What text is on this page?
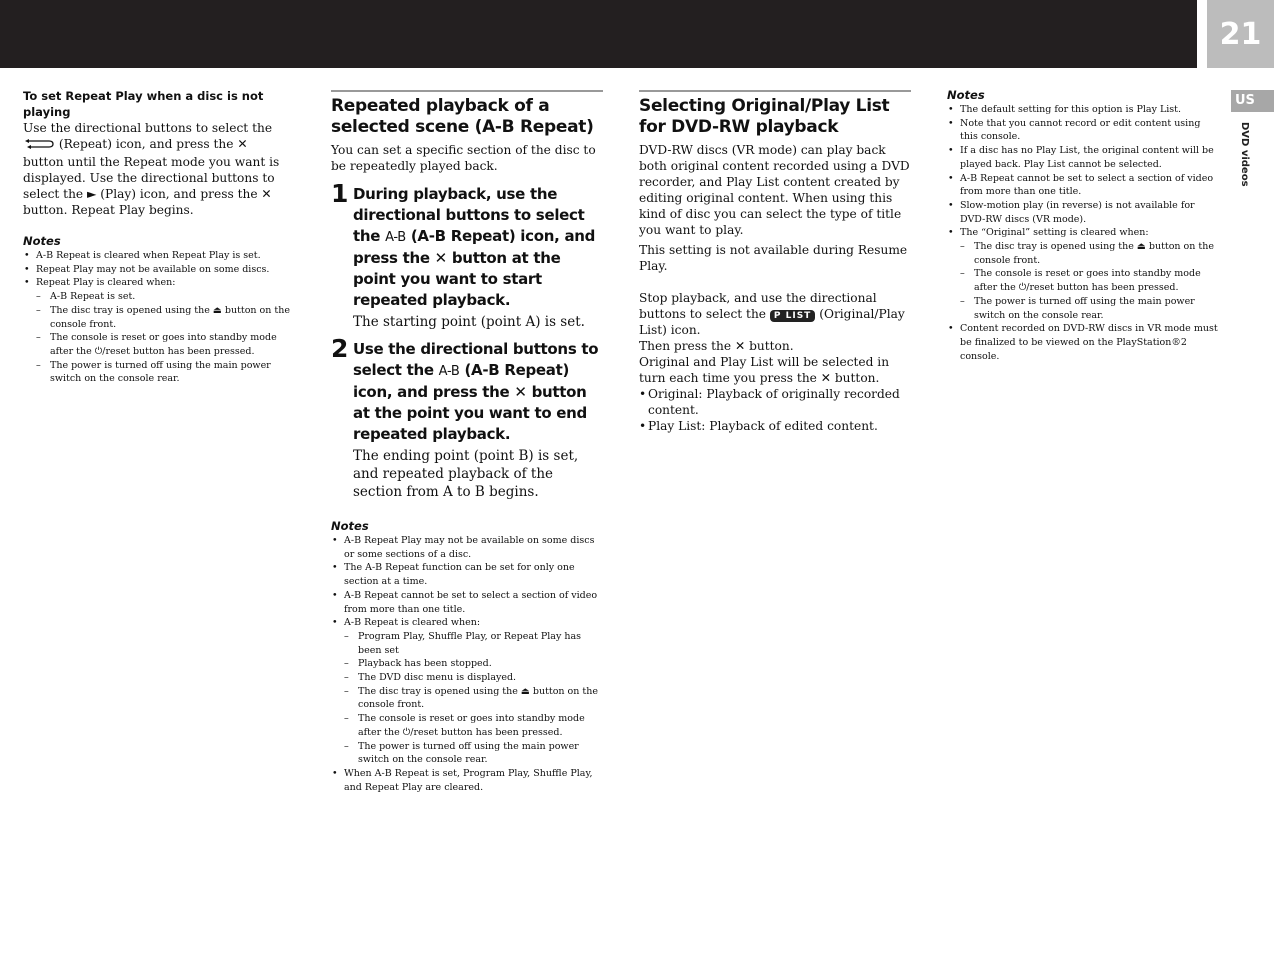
21
US
DVD videos
To set Repeat Play when a disc is not playing

Use the directional buttons to select the  (Repeat) icon, and press the ✕ button until the Repeat mode you want is displayed. Use the directional buttons to select the ► (Play) icon, and press the ✕ button. Repeat Play begins.

Notes
• A-B Repeat is cleared when Repeat Play is set.
• Repeat Play may not be available on some discs.
• Repeat Play is cleared when:
– A-B Repeat is set.
– The disc tray is opened using the ⏏ button on the console front.
– The console is reset or goes into standby mode after the ⏻/reset button has been pressed.
– The power is turned off using the main power switch on the console rear.
Repeated playback of a selected scene (A-B Repeat)

You can set a specific section of the disc to be repeatedly played back.

1 During playback, use the directional buttons to select the A-B (A-B Repeat) icon, and press the ✕ button at the point you want to start repeated playback.
The starting point (point A) is set.
2 Use the directional buttons to select the A-B (A-B Repeat) icon, and press the ✕ button at the point you want to end repeated playback.
The ending point (point B) is set, and repeated playback of the section from A to B begins.
Notes
• A-B Repeat Play may not be available on some discs or some sections of a disc.
• The A-B Repeat function can be set for only one section at a time.
• A-B Repeat cannot be set to select a section of video from more than one title.
• A-B Repeat is cleared when:
– Program Play, Shuffle Play, or Repeat Play has been set
– Playback has been stopped.
– The DVD disc menu is displayed.
– The disc tray is opened using the ⏏ button on the console front.
– The console is reset or goes into standby mode after the ⏻/reset button has been pressed.
– The power is turned off using the main power switch on the console rear.
• When A-B Repeat is set, Program Play, Shuffle Play, and Repeat Play are cleared.
Selecting Original/Play List for DVD-RW playback

DVD-RW discs (VR mode) can play back both original content recorded using a DVD recorder, and Play List content created by editing original content. When using this kind of disc you can select the type of title you want to play.

This setting is not available during Resume Play.

Stop playback, and use the directional buttons to select the P LIST (Original/Play List) icon.
Then press the ✕ button.

Original and Play List will be selected in turn each time you press the ✕ button.

• Original: Playback of originally recorded content.
• Play List: Playback of edited content.
Notes
• The default setting for this option is Play List.
• Note that you cannot record or edit content using this console.
• If a disc has no Play List, the original content will be played back. Play List cannot be selected.
• A-B Repeat cannot be set to select a section of video from more than one title.
• Slow-motion play (in reverse) is not available for DVD-RW discs (VR mode).
• The “Original” setting is cleared when:
– The disc tray is opened using the ⏏ button on the console front.
– The console is reset or goes into standby mode after the ⏻/reset button has been pressed.
– The power is turned off using the main power switch on the console rear.
• Content recorded on DVD-RW discs in VR mode must be finalized to be viewed on the PlayStation®2 console.
